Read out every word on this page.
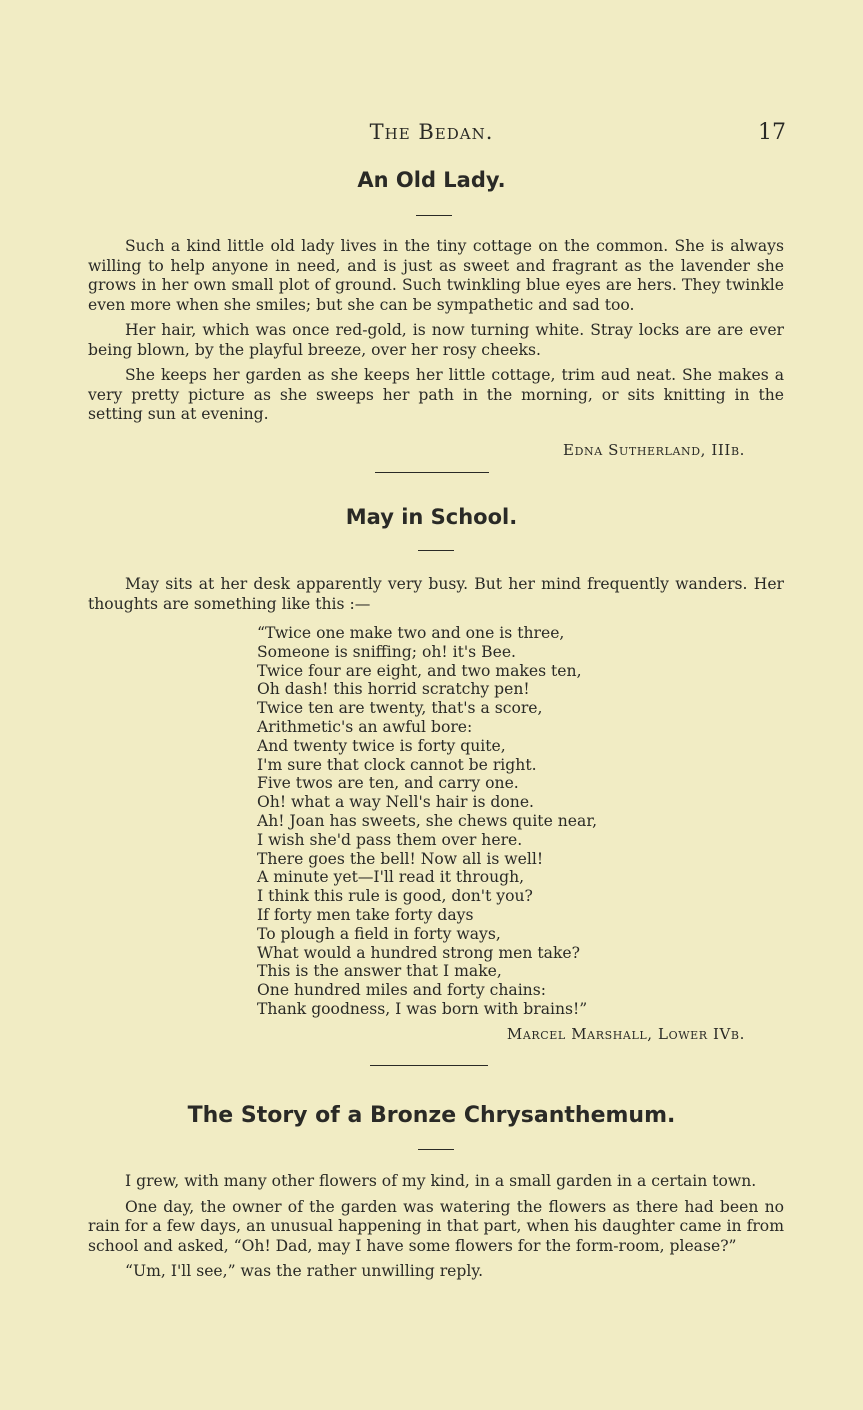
The Bedan.	17
An Old Lady.

Such a kind little old lady lives in the tiny cottage on the common. She is always willing to help anyone in need, and is just as sweet and fragrant as the lavender she grows in her own small plot of ground. Such twinkling blue eyes are hers. They twinkle even more when she smiles; but she can be sympathetic and sad too.

Her hair, which was once red-gold, is now turning white. Stray locks are are ever being blown, by the playful breeze, over her rosy cheeks.

She keeps her garden as she keeps her little cottage, trim aud neat. She makes a very pretty picture as she sweeps her path in the morning, or sits knitting in the setting sun at evening.

Edna Sutherland, IIIb.
May in School.

May sits at her desk apparently very busy. But her mind frequently wanders. Her thoughts are something like this :—

“Twice one make two and one is three,
Someone is sniffing; oh! it's Bee.
Twice four are eight, and two makes ten,
Oh dash! this horrid scratchy pen!
Twice ten are twenty, that's a score,
Arithmetic's an awful bore:
And twenty twice is forty quite,
I'm sure that clock cannot be right.
Five twos are ten, and carry one.
Oh! what a way Nell's hair is done.
Ah! Joan has sweets, she chews quite near,
I wish she'd pass them over here.
There goes the bell! Now all is well!
A minute yet—I'll read it through,
I think this rule is good, don't you?
If forty men take forty days
To plough a field in forty ways,
What would a hundred strong men take?
This is the answer that I make,
One hundred miles and forty chains:
Thank goodness, I was born with brains!”
Marcel Marshall, Lower IVb.
The Story of a Bronze Chrysanthemum.

I grew, with many other flowers of my kind, in a small garden in a certain town.

One day, the owner of the garden was watering the flowers as there had been no rain for a few days, an unusual happening in that part, when his daughter came in from school and asked, “Oh! Dad, may I have some flowers for the form-room, please?”

“Um, I'll see,” was the rather unwilling reply.
